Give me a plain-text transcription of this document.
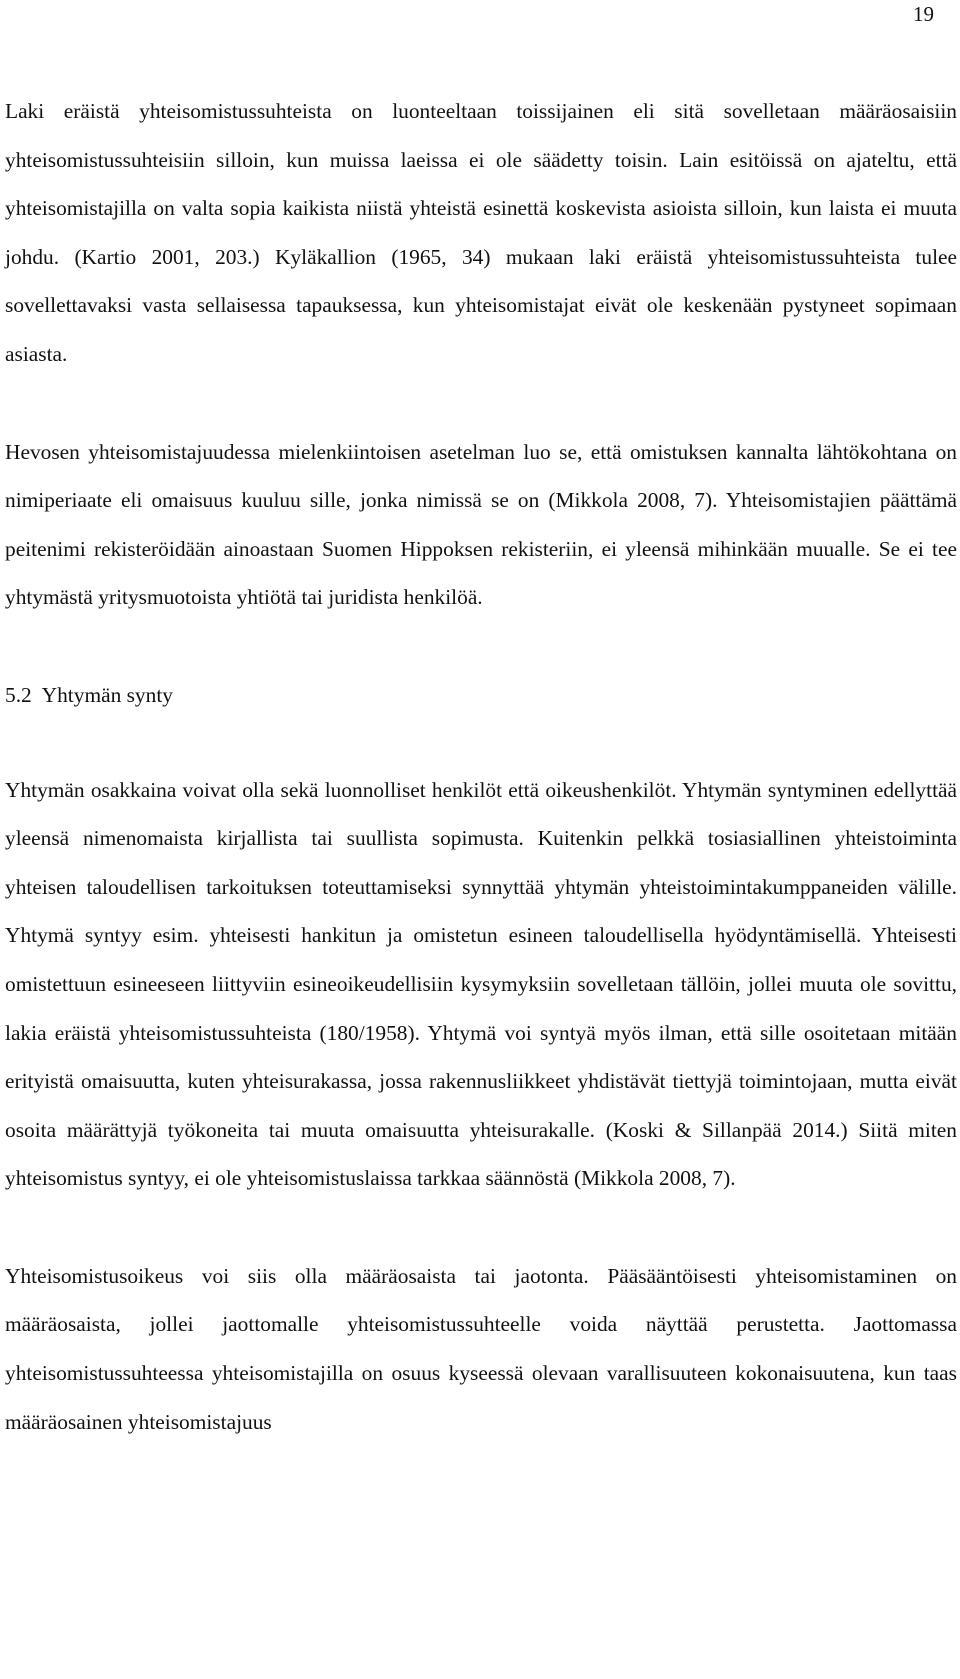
19

Laki eräistä yhteisomistussuhteista on luonteeltaan toissijainen eli sitä sovelletaan määräosaisiin yhteisomistussuhteisiin silloin, kun muissa laeissa ei ole säädetty toisin. Lain esitöissä on ajateltu, että yhteisomistajilla on valta sopia kaikista niistä yhteistä esinettä koskevista asioista silloin, kun laista ei muuta johdu. (Kartio 2001, 203.) Kyläkallion (1965, 34) mukaan laki eräistä yhteisomistussuhteista tulee sovellettavaksi vasta sellaisessa tapauksessa, kun yhteisomistajat eivät ole keskenään pystyneet sopimaan asiasta.

Hevosen yhteisomistajuudessa mielenkiintoisen asetelman luo se, että omistuksen kannalta lähtökohtana on nimiperiaate eli omaisuus kuuluu sille, jonka nimissä se on (Mikkola 2008, 7). Yhteisomistajien päättämä peitenimi rekisteröidään ainoastaan Suomen Hippoksen rekisteriin, ei yleensä mihinkään muualle. Se ei tee yhtymästä yritysmuotoista yhtiötä tai juridista henkilöä.

5.2 Yhtymän synty

Yhtymän osakkaina voivat olla sekä luonnolliset henkilöt että oikeushenkilöt. Yhtymän syntyminen edellyttää yleensä nimenomaista kirjallista tai suullista sopimusta. Kuitenkin pelkkä tosiasiallinen yhteistoiminta yhteisen taloudellisen tarkoituksen toteuttamiseksi synnyttää yhtymän yhteistoimintakumppaneiden välille. Yhtymä syntyy esim. yhteisesti hankitun ja omistetun esineen taloudellisella hyödyntämisellä. Yhteisesti omistettuun esineeseen liittyviin esineoikeudellisiin kysymyksiin sovelletaan tällöin, jollei muuta ole sovittu, lakia eräistä yhteisomistussuhteista (180/1958). Yhtymä voi syntyä myös ilman, että sille osoitetaan mitään erityistä omaisuutta, kuten yhteisurakassa, jossa rakennusliikkeet yhdistävät tiettyjä toimintojaan, mutta eivät osoita määrättyjä työkoneita tai muuta omaisuutta yhteisurakalle. (Koski & Sillanpää 2014.) Siitä miten yhteisomistus syntyy, ei ole yhteisomistuslaissa tarkkaa säännöstä (Mikkola 2008, 7).

Yhteisomistusoikeus voi siis olla määräosaista tai jaotonta. Pääsääntöisesti yhteisomistaminen on määräosaista, jollei jaottomalle yhteisomistussuhteelle voida näyttää perustetta. Jaottomassa yhteisomistussuhteessa yhteisomistajilla on osuus kyseessä olevaan varallisuuteen kokonaisuutena, kun taas määräosainen yhteisomistajuus
